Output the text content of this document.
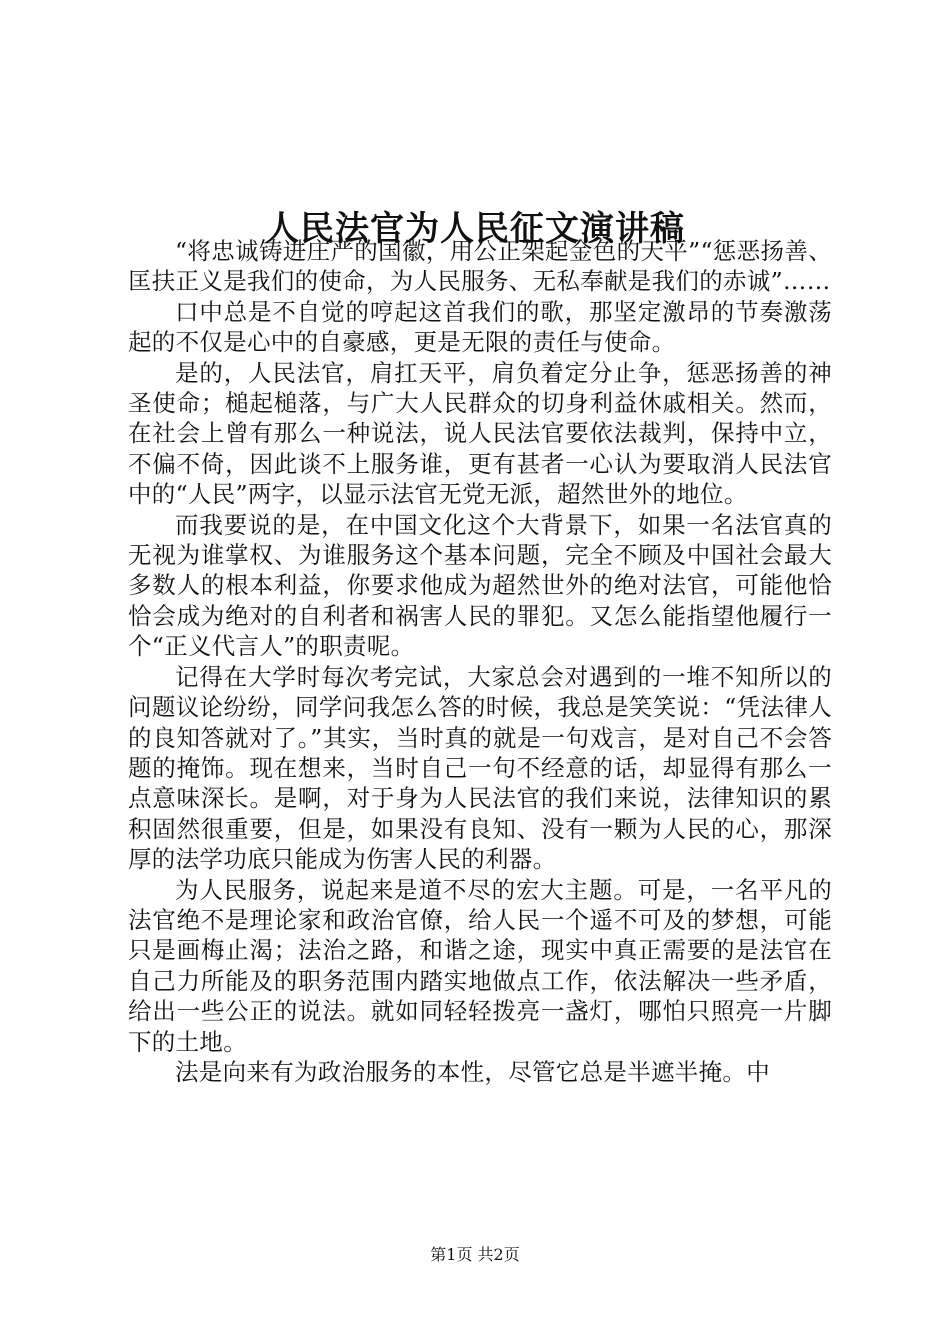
人民法官为人民征文演讲稿

“将忠诚铸进庄严的国徽，用公正架起金色的天平”“惩恶扬善、匡扶正义是我们的使命，为人民服务、无私奉献是我们的赤诚”……

口中总是不自觉的哼起这首我们的歌，那坚定激昂的节奏激荡起的不仅是心中的自豪感，更是无限的责任与使命。

是的，人民法官，肩扛天平，肩负着定分止争，惩恶扬善的神圣使命；槌起槌落，与广大人民群众的切身利益休戚相关。然而，在社会上曾有那么一种说法，说人民法官要依法裁判，保持中立，不偏不倚，因此谈不上服务谁，更有甚者一心认为要取消人民法官中的“人民”两字，以显示法官无党无派，超然世外的地位。

而我要说的是，在中国文化这个大背景下，如果一名法官真的无视为谁掌权、为谁服务这个基本问题，完全不顾及中国社会最大多数人的根本利益，你要求他成为超然世外的绝对法官，可能他恰恰会成为绝对的自利者和祸害人民的罪犯。又怎么能指望他履行一个“正义代言人”的职责呢。

记得在大学时每次考完试，大家总会对遇到的一堆不知所以的问题议论纷纷，同学问我怎么答的时候，我总是笑笑说：“凭法律人的良知答就对了。”其实，当时真的就是一句戏言，是对自己不会答题的掩饰。现在想来，当时自己一句不经意的话，却显得有那么一点意味深长。是啊，对于身为人民法官的我们来说，法律知识的累积固然很重要，但是，如果没有良知、没有一颗为人民的心，那深厚的法学功底只能成为伤害人民的利器。

为人民服务，说起来是道不尽的宏大主题。可是，一名平凡的法官绝不是理论家和政治官僚，给人民一个遥不可及的梦想，可能只是画梅止渴；法治之路，和谐之途，现实中真正需要的是法官在自己力所能及的职务范围内踏实地做点工作，依法解决一些矛盾，给出一些公正的说法。就如同轻轻拨亮一盏灯，哪怕只照亮一片脚下的土地。

法是向来有为政治服务的本性，尽管它总是半遮半掩。中

第1页 共2页
